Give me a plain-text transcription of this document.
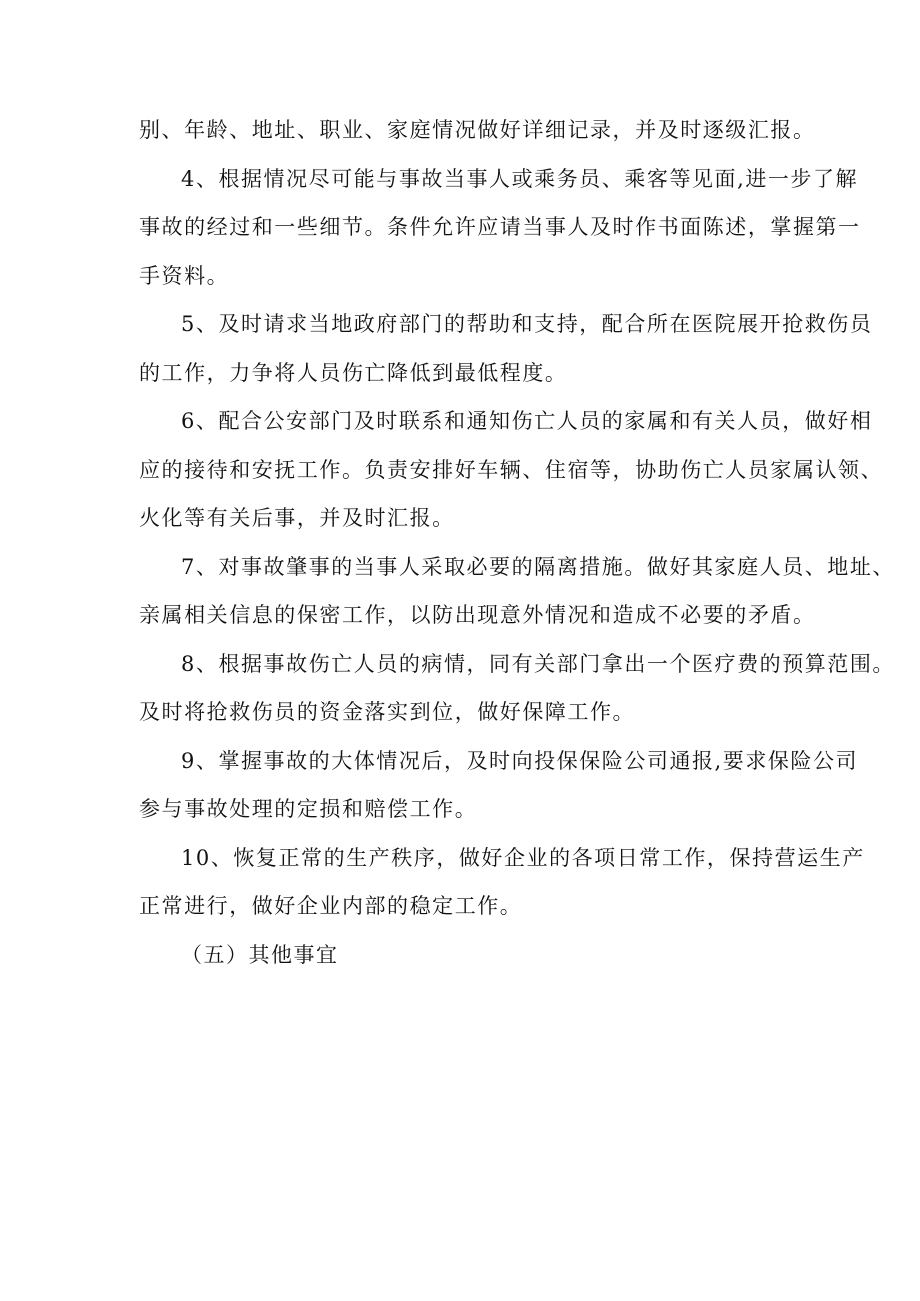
别、年龄、地址、职业、家庭情况做好详细记录，并及时逐级汇报。
4、根据情况尽可能与事故当事人或乘务员、乘客等见面,进一步了解
事故的经过和一些细节。条件允许应请当事人及时作书面陈述，掌握第一
手资料。
5、及时请求当地政府部门的帮助和支持，配合所在医院展开抢救伤员
的工作，力争将人员伤亡降低到最低程度。
6、配合公安部门及时联系和通知伤亡人员的家属和有关人员，做好相
应的接待和安抚工作。负责安排好车辆、住宿等，协助伤亡人员家属认领、
火化等有关后事，并及时汇报。
7、对事故肇事的当事人采取必要的隔离措施。做好其家庭人员、地址、
亲属相关信息的保密工作，以防出现意外情况和造成不必要的矛盾。
8、根据事故伤亡人员的病情，同有关部门拿出一个医疗费的预算范围。
及时将抢救伤员的资金落实到位，做好保障工作。
9、掌握事故的大体情况后，及时向投保保险公司通报,要求保险公司
参与事故处理的定损和赔偿工作。
10、恢复正常的生产秩序，做好企业的各项日常工作，保持营运生产
正常进行，做好企业内部的稳定工作。
（五）其他事宜
